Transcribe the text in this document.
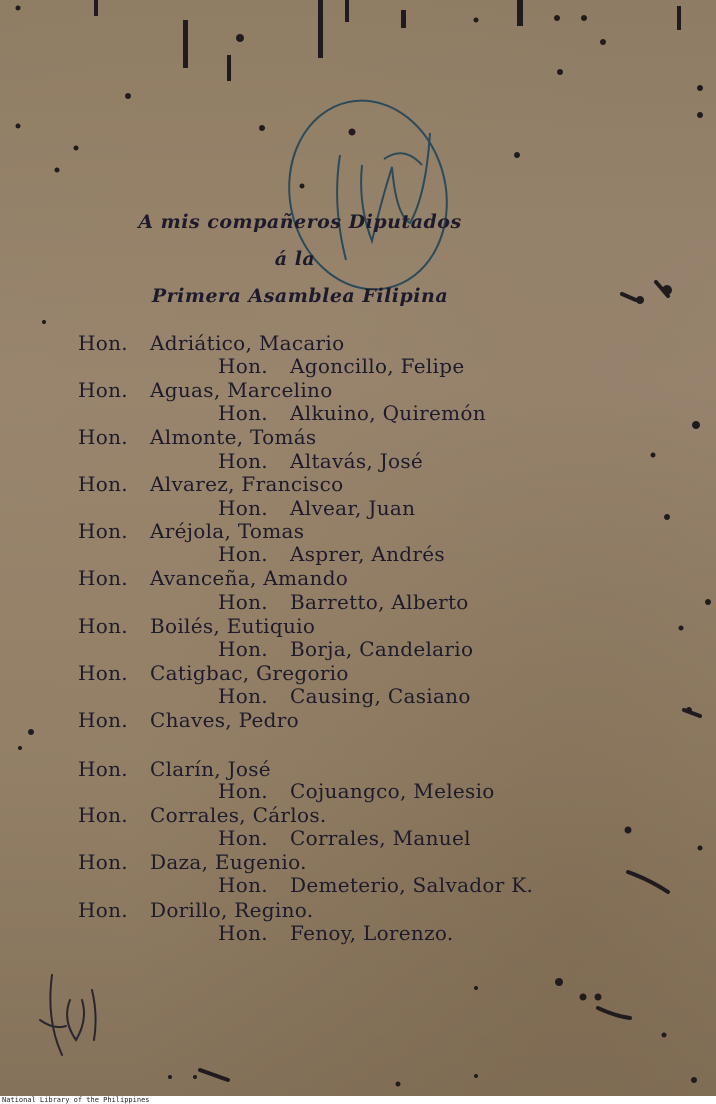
A mis compañeros Diputados
á la
Primera Asamblea Filipina
Hon. Adriático, Macario
Hon. Agoncillo, Felipe
Hon. Aguas, Marcelino
Hon. Alkuino, Quiremón
Hon. Almonte, Tomás
Hon. Altavás, José
Hon. Alvarez, Francisco
Hon. Alvear, Juan
Hon. Aréjola, Tomas
Hon. Asprer, Andrés
Hon. Avanceña, Amando
Hon. Barretto, Alberto
Hon. Boilés, Eutiquio
Hon. Borja, Candelario
Hon. Catigbac, Gregorio
Hon. Causing, Casiano
Hon. Chaves, Pedro
Hon. Clarín, José
Hon. Cojuangco, Melesio
Hon. Corrales, Cárlos.
Hon. Corrales, Manuel
Hon. Daza, Eugenio.
Hon. Demeterio, Salvador K.
Hon. Dorillo, Regino.
Hon. Fenoy, Lorenzo.
National Library of the Philippines
